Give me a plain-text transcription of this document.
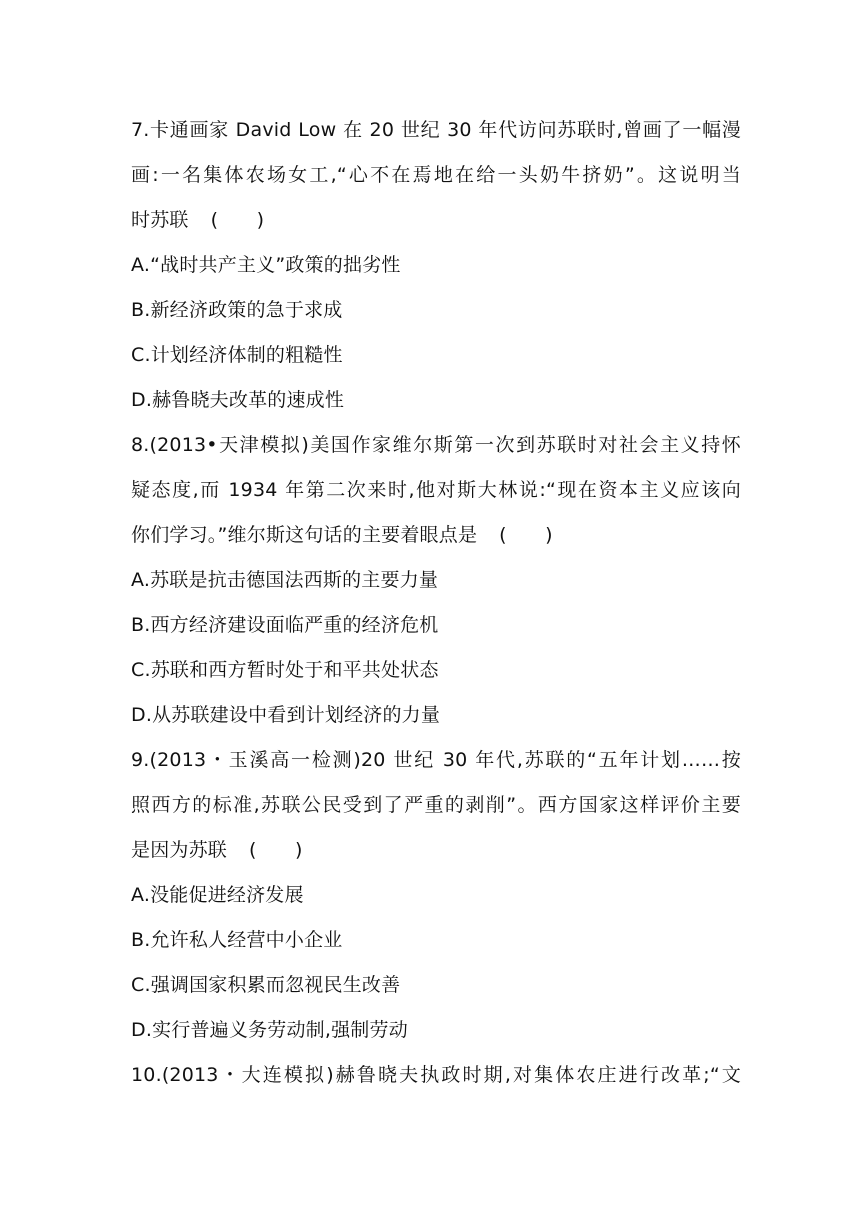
7.卡通画家 David Low 在 20 世纪 30 年代访问苏联时,曾画了一幅漫
画:一名集体农场女工,“心不在焉地在给一头奶牛挤奶”。这说明当
时苏联 (　　)
A.“战时共产主义”政策的拙劣性
B.新经济政策的急于求成
C.计划经济体制的粗糙性
D.赫鲁晓夫改革的速成性
8.(2013•天津模拟)美国作家维尔斯第一次到苏联时对社会主义持怀
疑态度,而 1934 年第二次来时,他对斯大林说:“现在资本主义应该向
你们学习。”维尔斯这句话的主要着眼点是 (　　)
A.苏联是抗击德国法西斯的主要力量
B.西方经济建设面临严重的经济危机
C.苏联和西方暂时处于和平共处状态
D.从苏联建设中看到计划经济的力量
9.(2013・玉溪高一检测)20 世纪 30 年代,苏联的“五年计划……按
照西方的标准,苏联公民受到了严重的剥削”。西方国家这样评价主要
是因为苏联 (　　)
A.没能促进经济发展
B.允许私人经营中小企业
C.强调国家积累而忽视民生改善
D.实行普遍义务劳动制,强制劳动
10.(2013・大连模拟)赫鲁晓夫执政时期,对集体农庄进行改革;“文
